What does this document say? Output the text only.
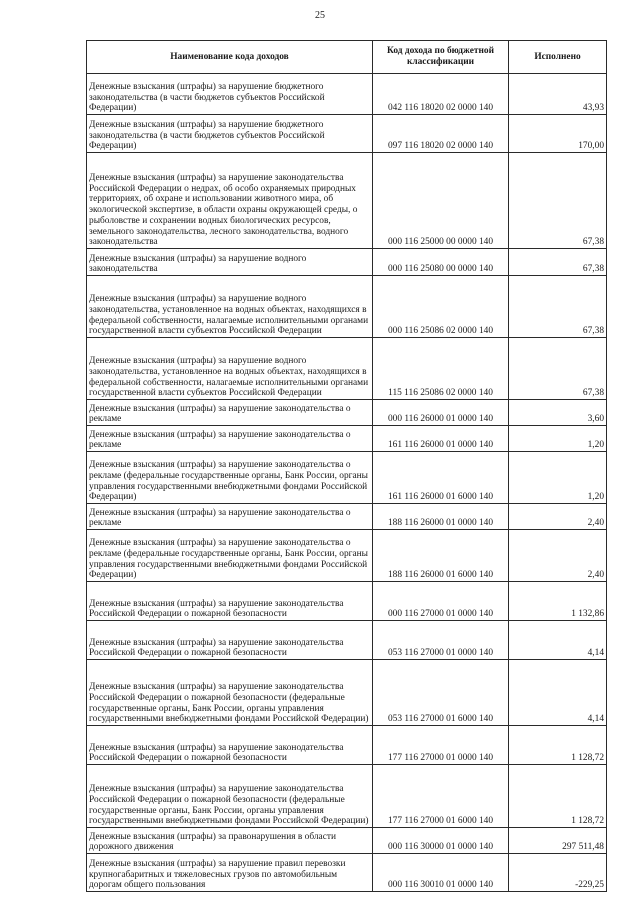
25
Наименование кода доходов	Код дохода по бюджетной классификации	Исполнено
Денежные взыскания (штрафы) за нарушение бюджетного законодательства (в части бюджетов субъектов Российской Федерации)	042 116 18020 02 0000 140	43,93
Денежные взыскания (штрафы) за нарушение бюджетного законодательства (в части бюджетов субъектов Российской Федерации)	097 116 18020 02 0000 140	170,00
Денежные взыскания (штрафы) за нарушение законодательства Российской Федерации о недрах, об особо охраняемых природных территориях, об охране и использовании животного мира, об экологической экспертизе, в области охраны окружающей среды, о рыболовстве и сохранении водных биологических ресурсов, земельного законодательства, лесного законодательства, водного законодательства	000 116 25000 00 0000 140	67,38
Денежные взыскания (штрафы) за нарушение водного законодательства	000 116 25080 00 0000 140	67,38
Денежные взыскания (штрафы) за нарушение водного законодательства, установленное на водных объектах, находящихся в федеральной собственности, налагаемые исполнительными органами государственной власти субъектов Российской Федерации	000 116 25086 02 0000 140	67,38
Денежные взыскания (штрафы) за нарушение водного законодательства, установленное на водных объектах, находящихся в федеральной собственности, налагаемые исполнительными органами государственной власти субъектов Российской Федерации	115 116 25086 02 0000 140	67,38
Денежные взыскания (штрафы) за нарушение законодательства о рекламе	000 116 26000 01 0000 140	3,60
Денежные взыскания (штрафы) за нарушение законодательства о рекламе	161 116 26000 01 0000 140	1,20
Денежные взыскания (штрафы) за нарушение законодательства о рекламе (федеральные государственные органы, Банк России, органы управления государственными внебюджетными фондами Российской Федерации)	161 116 26000 01 6000 140	1,20
Денежные взыскания (штрафы) за нарушение законодательства о рекламе	188 116 26000 01 0000 140	2,40
Денежные взыскания (штрафы) за нарушение законодательства о рекламе (федеральные государственные органы, Банк России, органы управления государственными внебюджетными фондами Российской Федерации)	188 116 26000 01 6000 140	2,40
Денежные взыскания (штрафы) за нарушение законодательства Российской Федерации о пожарной безопасности	000 116 27000 01 0000 140	1 132,86
Денежные взыскания (штрафы) за нарушение законодательства Российской Федерации о пожарной безопасности	053 116 27000 01 0000 140	4,14
Денежные взыскания (штрафы) за нарушение законодательства Российской Федерации о пожарной безопасности (федеральные государственные органы, Банк России, органы управления государственными внебюджетными фондами Российской Федерации)	053 116 27000 01 6000 140	4,14
Денежные взыскания (штрафы) за нарушение законодательства Российской Федерации о пожарной безопасности	177 116 27000 01 0000 140	1 128,72
Денежные взыскания (штрафы) за нарушение законодательства Российской Федерации о пожарной безопасности (федеральные государственные органы, Банк России, органы управления государственными внебюджетными фондами Российской Федерации)	177 116 27000 01 6000 140	1 128,72
Денежные взыскания (штрафы) за правонарушения в области дорожного движения	000 116 30000 01 0000 140	297 511,48
Денежные взыскания (штрафы) за нарушение правил перевозки крупногабаритных и тяжеловесных грузов по автомобильным дорогам общего пользования	000 116 30010 01 0000 140	-229,25
